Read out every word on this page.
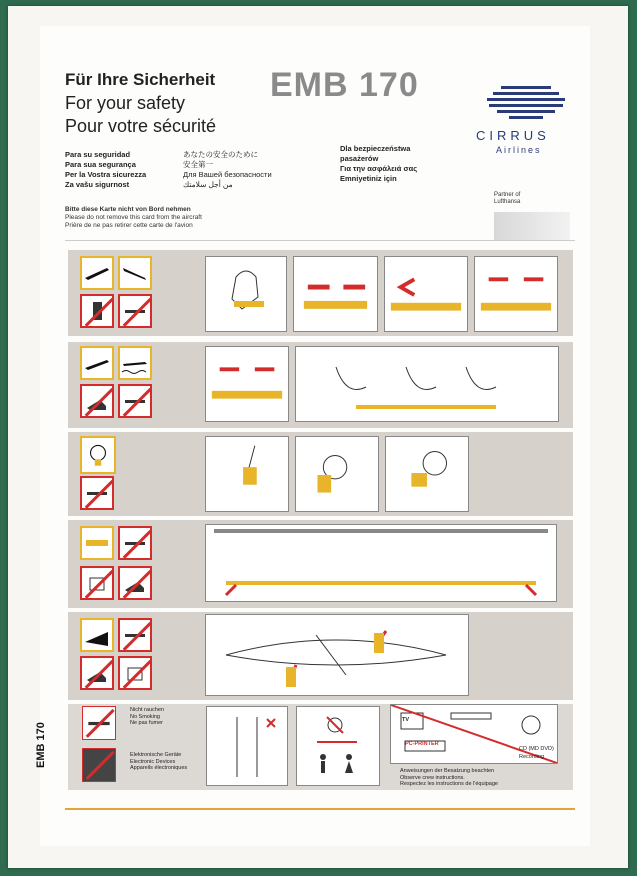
Für Ihre Sicherheit
For your safety
Pour votre sécurité
EMB 170
Para su seguridad
Para sua segurança
Per la Vostra sicurezza
Za vašu sigurnost
あなたの安全のために
安全第一
Для Вашей безопасности
من أجل سلامتك
Dla bezpieczeństwa
pasażerów
Για την ασφάλειά σας
Emniyetiniz için
Bitte diese Karte nicht von Bord nehmen
Please do not remove this card from the aircraft
Prière de ne pas retirer cette carte de l'avion
CIRRUS
Airlines
Partner of
Lufthansa
Nicht rauchen
No Smoking
Ne pas fumer
Elektronische Geräte
Electronic Devices
Appareils électroniques
TV
PC-PRINTER
CD (MD DVD)
Recording
Anweisungen der Besatzung beachten
Observe crew instructions.
Respectez les instructions de l'équipage
EMB 170
